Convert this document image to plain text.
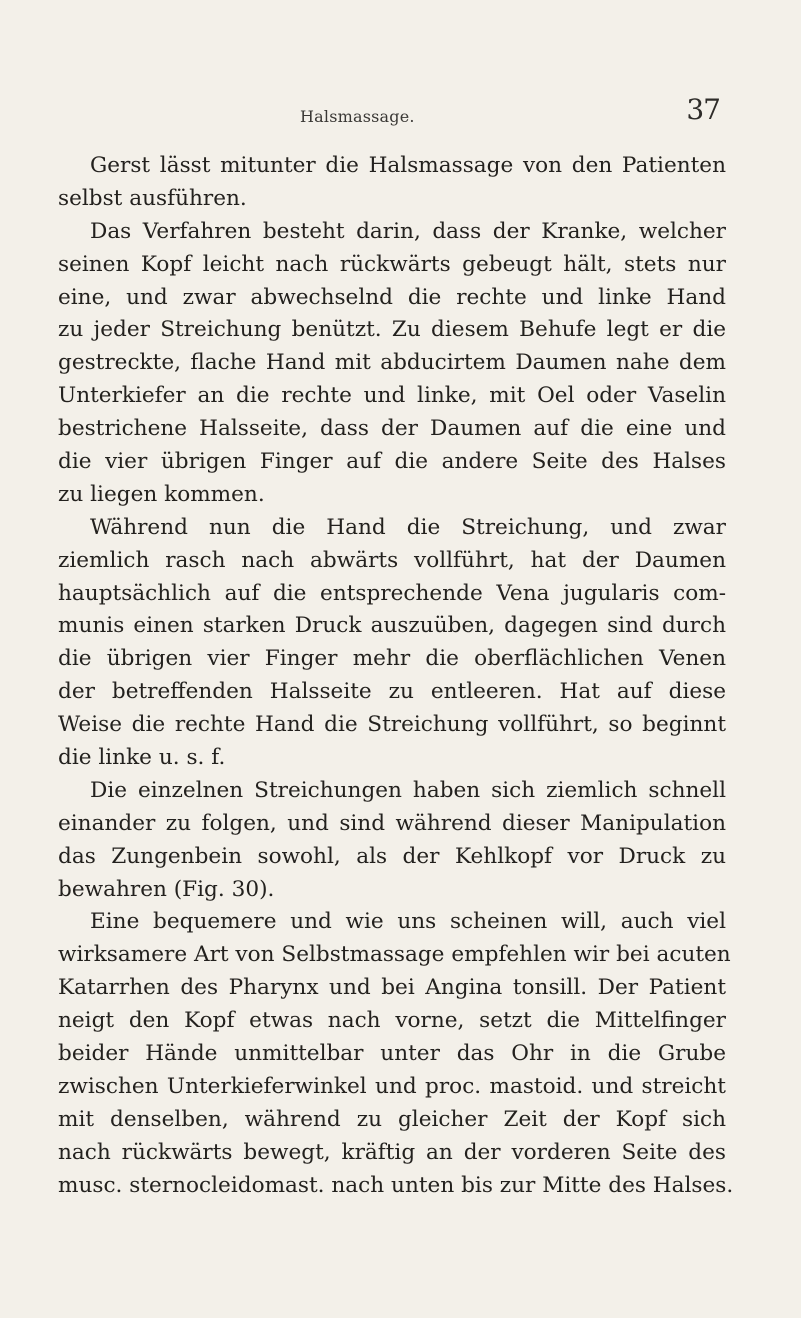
Halsmassage.	37
Gerst lässt mitunter die Halsmassage von den Patienten
selbst ausführen.
Das Verfahren besteht darin, dass der Kranke, welcher
seinen Kopf leicht nach rückwärts gebeugt hält, stets nur
eine, und zwar abwechselnd die rechte und linke Hand
zu jeder Streichung benützt. Zu diesem Behufe legt er die
gestreckte, flache Hand mit abducirtem Daumen nahe dem
Unterkiefer an die rechte und linke, mit Oel oder Vaselin
bestrichene Halsseite, dass der Daumen auf die eine und
die vier übrigen Finger auf die andere Seite des Halses
zu liegen kommen.
Während nun die Hand die Streichung, und zwar
ziemlich rasch nach abwärts vollführt, hat der Daumen
hauptsächlich auf die entsprechende Vena jugularis com-
munis einen starken Druck auszuüben, dagegen sind durch
die übrigen vier Finger mehr die oberflächlichen Venen
der betreffenden Halsseite zu entleeren. Hat auf diese
Weise die rechte Hand die Streichung vollführt, so beginnt
die linke u. s. f.
Die einzelnen Streichungen haben sich ziemlich schnell
einander zu folgen, und sind während dieser Manipulation
das Zungenbein sowohl, als der Kehlkopf vor Druck zu
bewahren (Fig. 30).
Eine bequemere und wie uns scheinen will, auch viel
wirksamere Art von Selbstmassage empfehlen wir bei acuten
Katarrhen des Pharynx und bei Angina tonsill. Der Patient
neigt den Kopf etwas nach vorne, setzt die Mittelfinger
beider Hände unmittelbar unter das Ohr in die Grube
zwischen Unterkieferwinkel und proc. mastoid. und streicht
mit denselben, während zu gleicher Zeit der Kopf sich
nach rückwärts bewegt, kräftig an der vorderen Seite des
musc. sternocleidomast. nach unten bis zur Mitte des Halses.
